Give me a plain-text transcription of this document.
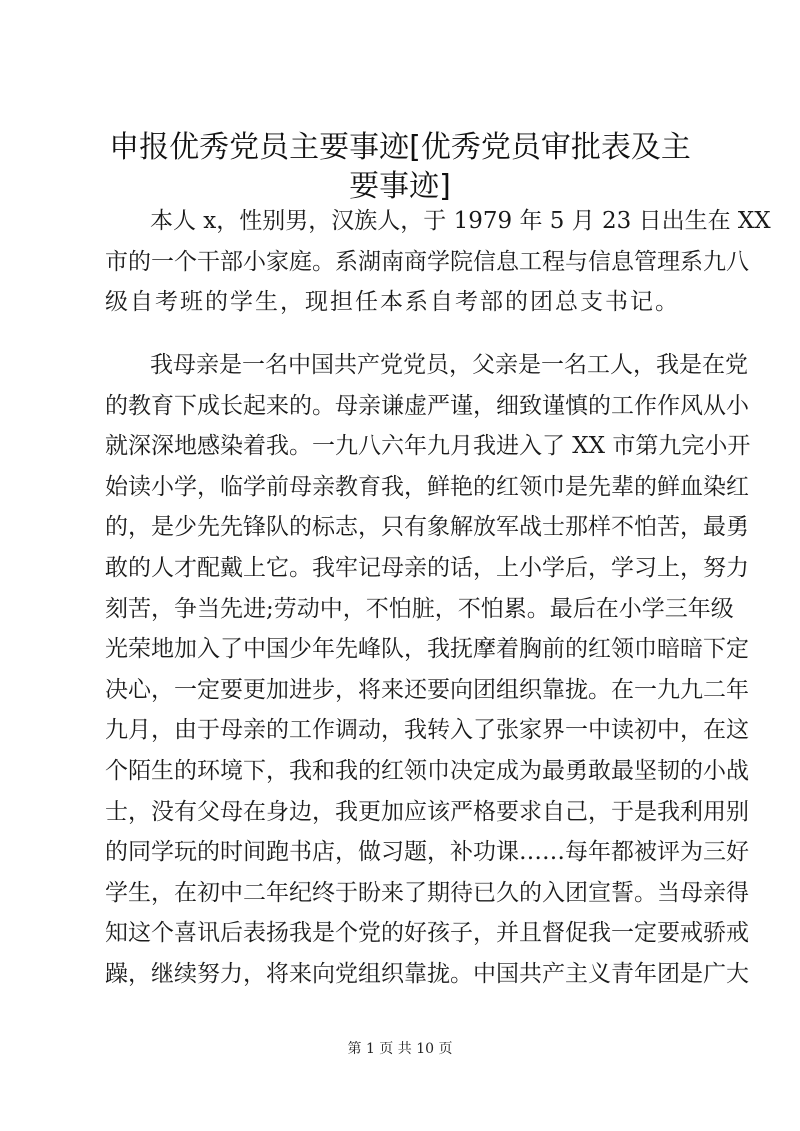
申报优秀党员主要事迹[优秀党员审批表及主
要事迹]
本人 x，性别男，汉族人，于 1979 年 5 月 23 日出生在 XX
市的一个干部小家庭。系湖南商学院信息工程与信息管理系九八
级自考班的学生，现担任本系自考部的团总支书记。
我母亲是一名中国共产党党员，父亲是一名工人，我是在党
的教育下成长起来的。母亲谦虚严谨，细致谨慎的工作作风从小
就深深地感染着我。一九八六年九月我进入了 XX 市第九完小开
始读小学，临学前母亲教育我，鲜艳的红领巾是先辈的鲜血染红
的，是少先先锋队的标志，只有象解放军战士那样不怕苦，最勇
敢的人才配戴上它。我牢记母亲的话，上小学后，学习上，努力
刻苦，争当先进;劳动中，不怕脏，不怕累。最后在小学三年级
光荣地加入了中国少年先峰队，我抚摩着胸前的红领巾暗暗下定
决心，一定要更加进步，将来还要向团组织靠拢。在一九九二年
九月，由于母亲的工作调动，我转入了张家界一中读初中，在这
个陌生的环境下，我和我的红领巾决定成为最勇敢最坚韧的小战
士，没有父母在身边，我更加应该严格要求自己，于是我利用别
的同学玩的时间跑书店，做习题，补功课……每年都被评为三好
学生，在初中二年纪终于盼来了期待已久的入团宣誓。当母亲得
知这个喜讯后表扬我是个党的好孩子，并且督促我一定要戒骄戒
躁，继续努力，将来向党组织靠拢。中国共产主义青年团是广大
第 1 页 共 10 页
